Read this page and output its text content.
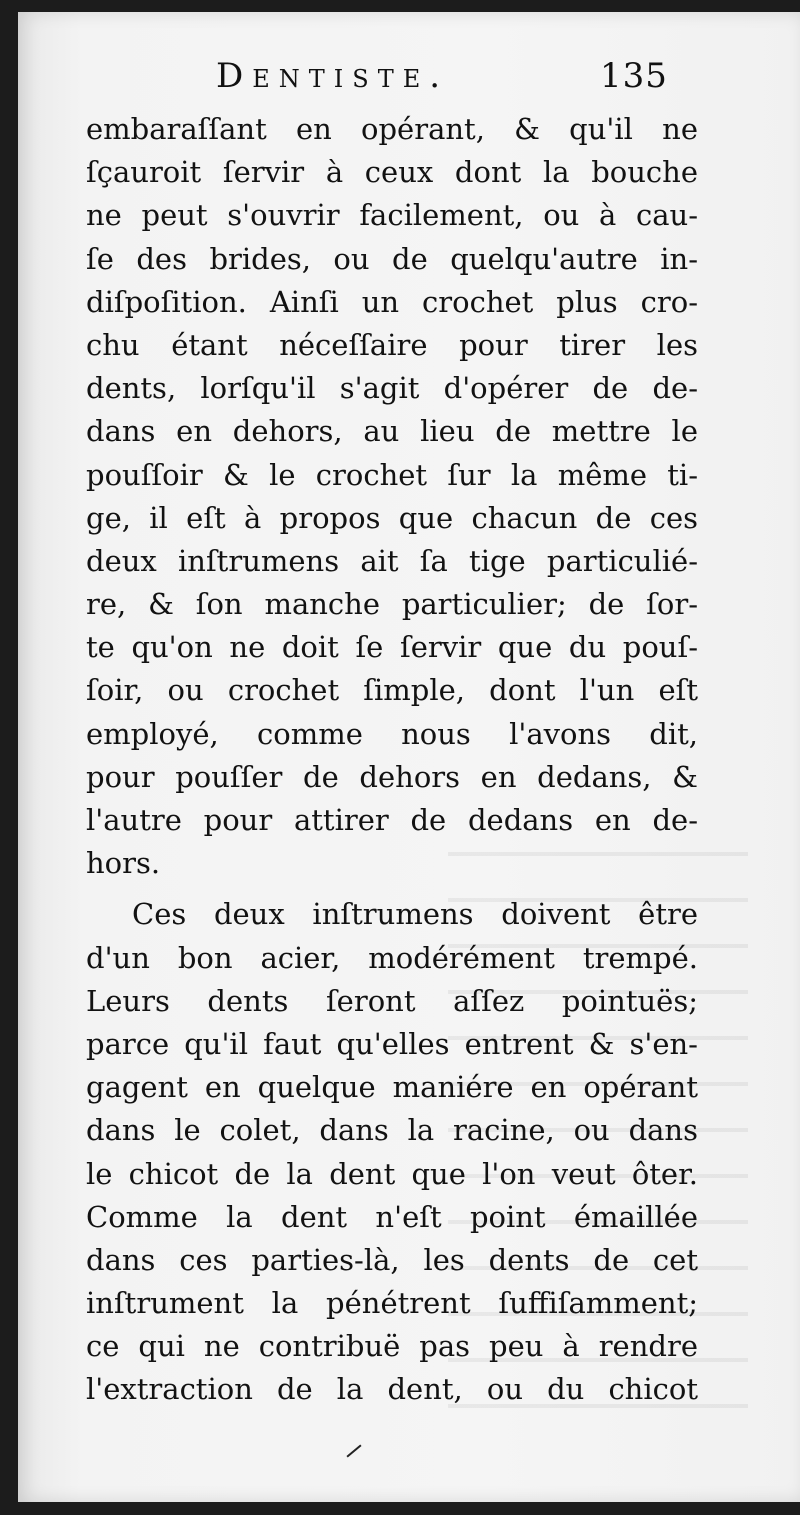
Dentiste.	135
embaraſſant en opérant, & qu'il ne
ſçauroit ſervir à ceux dont la bouche
ne peut s'ouvrir facilement, ou à cau-
ſe des brides, ou de quelqu'autre in-
diſpoſition. Ainſi un crochet plus cro-
chu étant néceſſaire pour tirer les
dents, lorſqu'il s'agit d'opérer de de-
dans en dehors, au lieu de mettre le
pouſſoir & le crochet ſur la même ti-
ge, il eſt à propos que chacun de ces
deux inſtrumens ait ſa tige particulié-
re, & ſon manche particulier; de ſor-
te qu'on ne doit ſe ſervir que du pouſ-
ſoir, ou crochet ſimple, dont l'un eſt
employé, comme nous l'avons dit,
pour pouſſer de dehors en dedans, &
l'autre pour attirer de dedans en de-
hors.
Ces deux inſtrumens doivent être
d'un bon acier, modérément trempé.
Leurs dents ſeront aſſez pointuës;
parce qu'il faut qu'elles entrent & s'en-
gagent en quelque maniére en opérant
dans le colet, dans la racine, ou dans
le chicot de la dent que l'on veut ôter.
Comme la dent n'eſt point émaillée
dans ces parties-là, les dents de cet
inſtrument la pénétrent ſuffiſamment;
ce qui ne contribuë pas peu à rendre
l'extraction de la dent, ou du chicot
